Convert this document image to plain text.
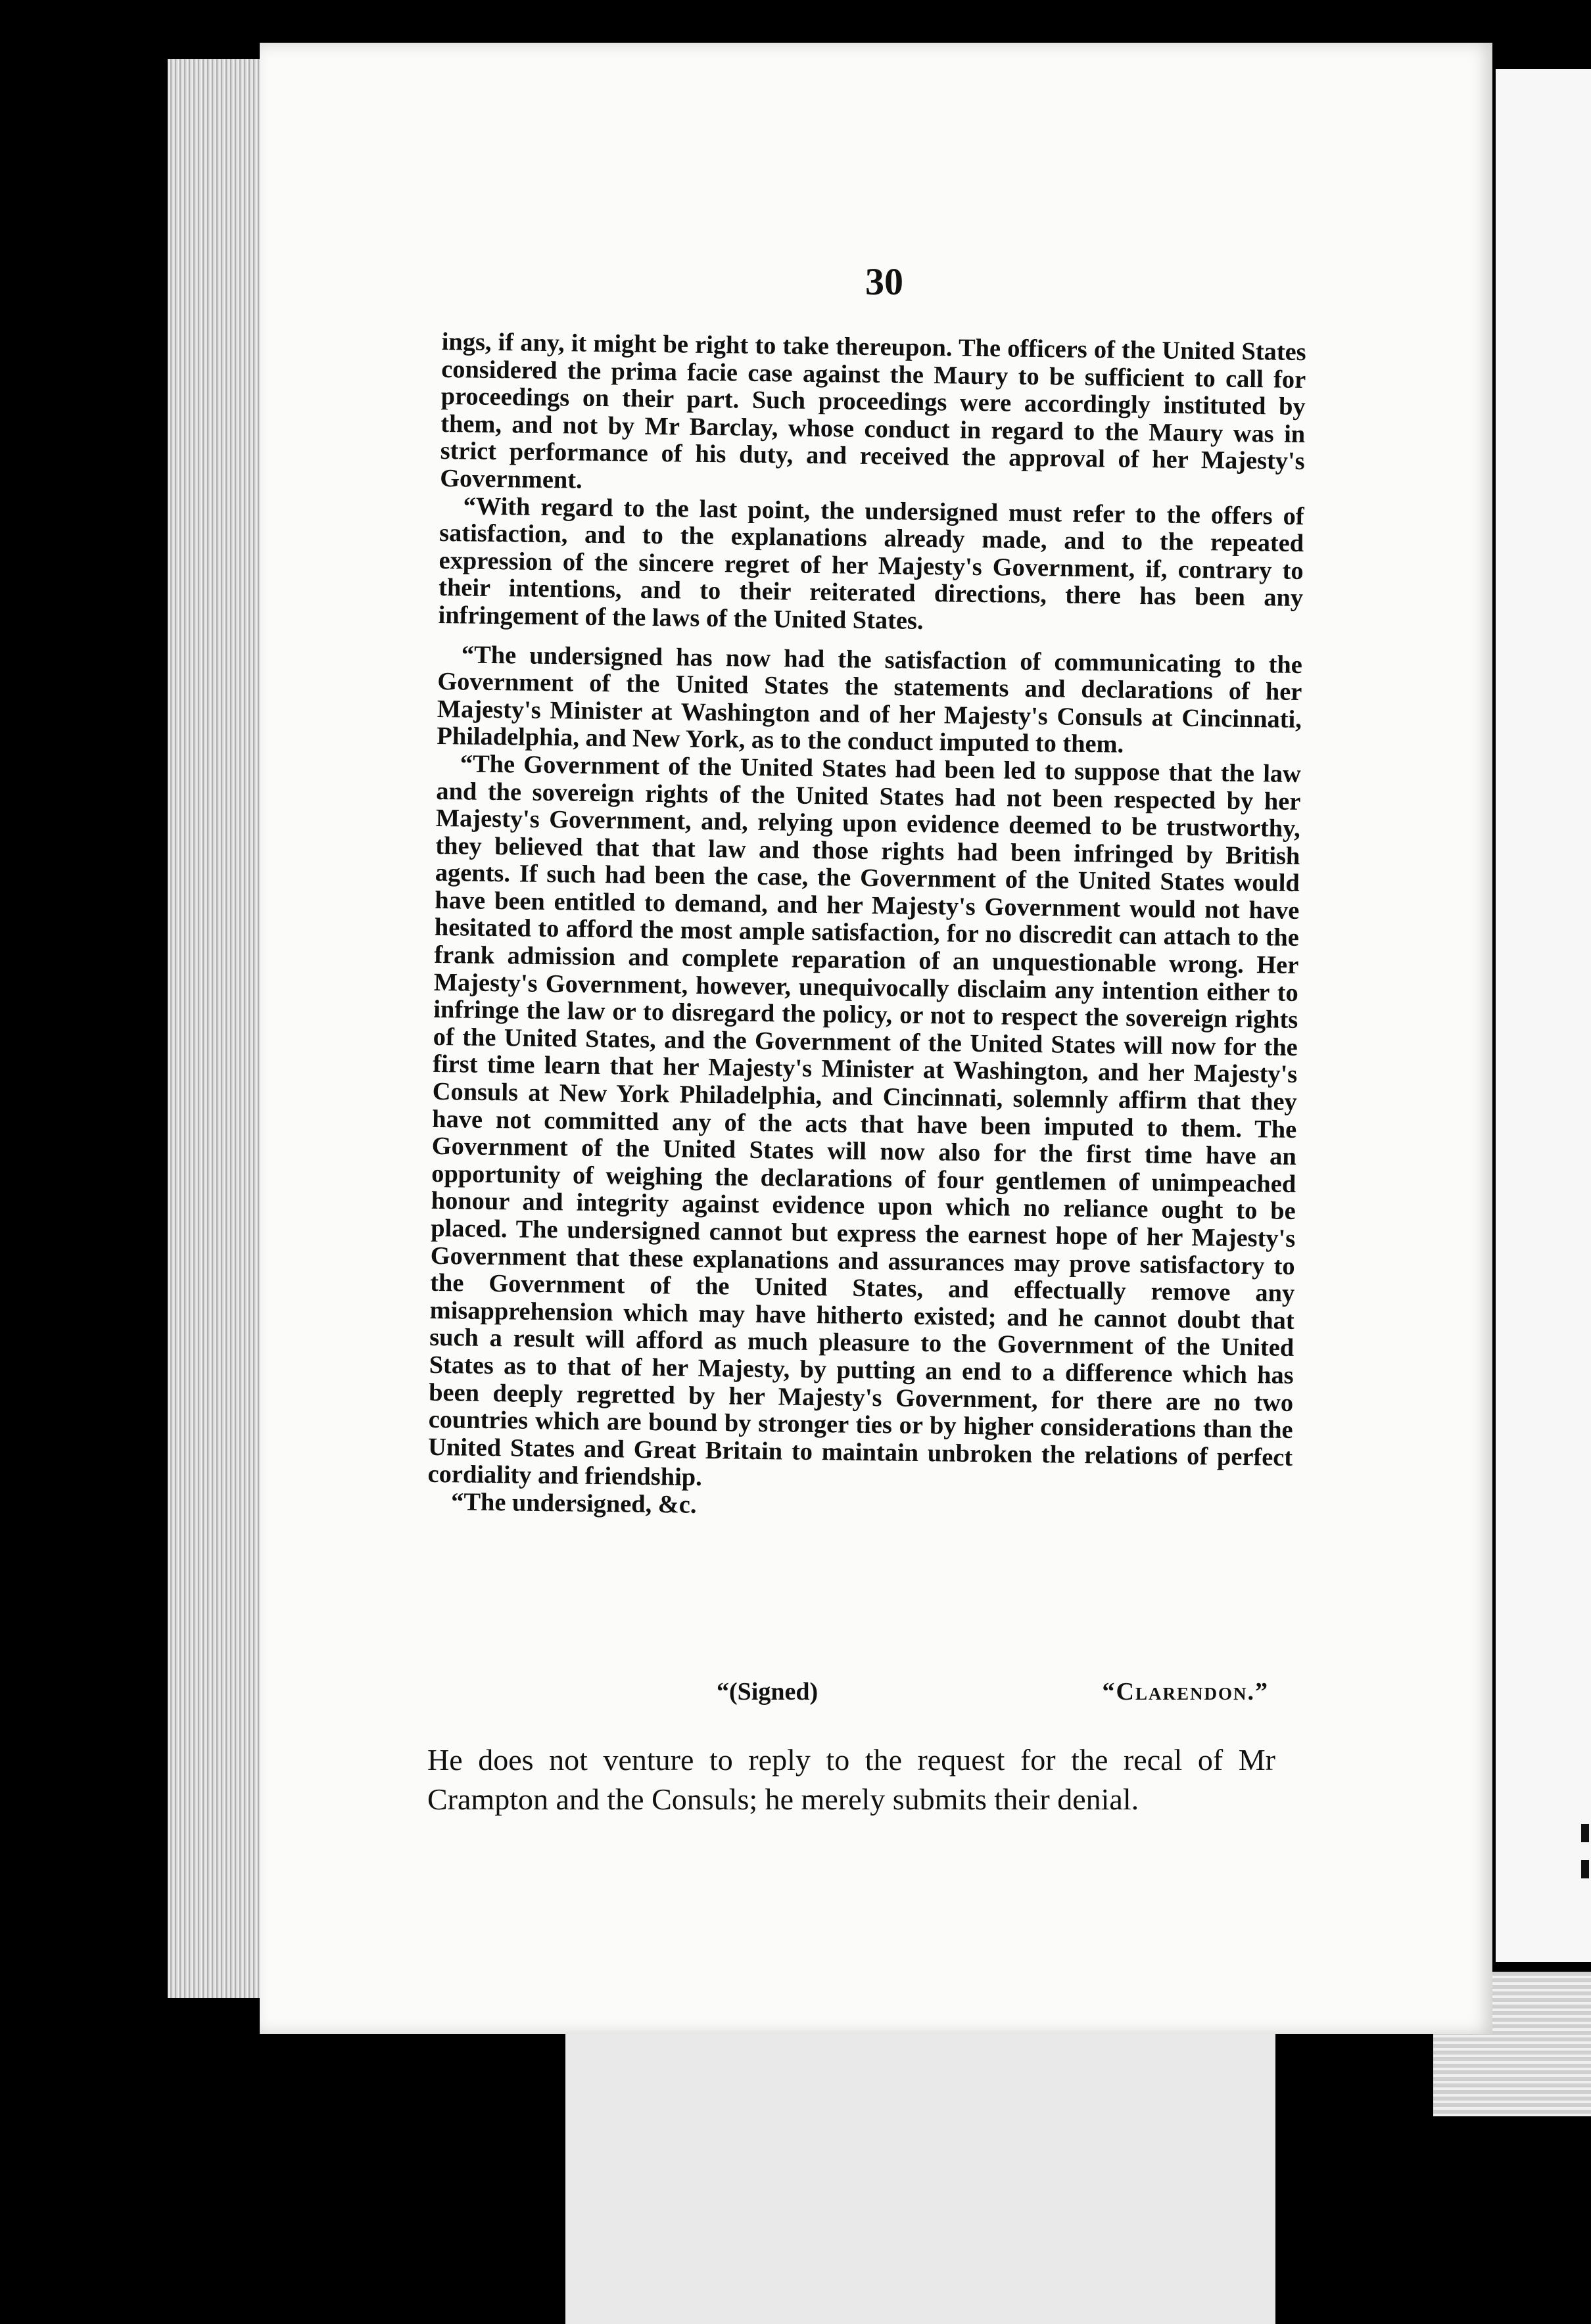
30

ings, if any, it might be right to take thereupon. The officers of the United States considered the prima facie case against the Maury to be sufficient to call for proceedings on their part. Such proceedings were accordingly instituted by them, and not by Mr Barclay, whose conduct in regard to the Maury was in strict performance of his duty, and received the approval of her Majesty's Government.

“With regard to the last point, the undersigned must refer to the offers of satisfaction, and to the explanations already made, and to the repeated expression of the sincere regret of her Majesty's Government, if, contrary to their intentions, and to their reiterated directions, there has been any infringement of the laws of the United States.

“The undersigned has now had the satisfaction of communicating to the Government of the United States the statements and declarations of her Majesty's Minister at Washington and of her Majesty's Consuls at Cincinnati, Philadelphia, and New York, as to the conduct imputed to them.

“The Government of the United States had been led to suppose that the law and the sovereign rights of the United States had not been respected by her Majesty's Government, and, relying upon evidence deemed to be trustworthy, they believed that that law and those rights had been infringed by British agents. If such had been the case, the Government of the United States would have been entitled to demand, and her Majesty's Government would not have hesitated to afford the most ample satisfaction, for no discredit can attach to the frank admission and complete reparation of an unquestionable wrong. Her Majesty's Government, however, unequivocally disclaim any intention either to infringe the law or to disregard the policy, or not to respect the sovereign rights of the United States, and the Government of the United States will now for the first time learn that her Majesty's Minister at Washington, and her Majesty's Consuls at New York Philadelphia, and Cincinnati, solemnly affirm that they have not committed any of the acts that have been imputed to them. The Government of the United States will now also for the first time have an opportunity of weighing the declarations of four gentlemen of unimpeached honour and integrity against evidence upon which no reliance ought to be placed. The undersigned cannot but express the earnest hope of her Majesty's Government that these explanations and assurances may prove satisfactory to the Government of the United States, and effectually remove any misapprehension which may have hitherto existed; and he cannot doubt that such a result will afford as much pleasure to the Government of the United States as to that of her Majesty, by putting an end to a difference which has been deeply regretted by her Majesty's Government, for there are no two countries which are bound by stronger ties or by higher considerations than the United States and Great Britain to maintain unbroken the relations of perfect cordiality and friendship.

“The undersigned, &c.

“(Signed)	“Clarendon.”

He does not venture to reply to the request for the recal of Mr Crampton and the Consuls; he merely submits their denial.
